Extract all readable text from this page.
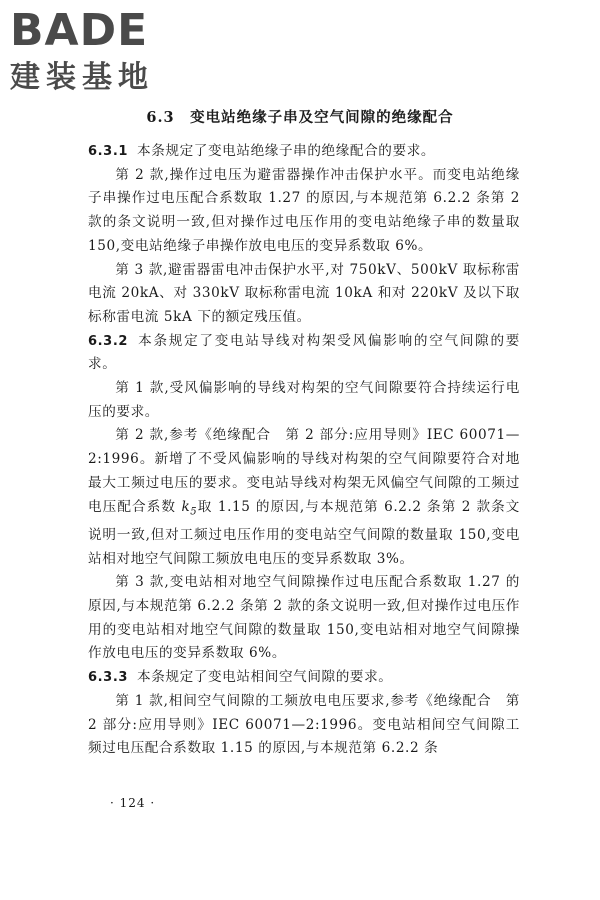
BADE
建装基地
6.3　变电站绝缘子串及空气间隙的绝缘配合

6.3.1 本条规定了变电站绝缘子串的绝缘配合的要求。

第 2 款,操作过电压为避雷器操作冲击保护水平。而变电站绝缘子串操作过电压配合系数取 1.27 的原因,与本规范第 6.2.2 条第 2 款的条文说明一致,但对操作过电压作用的变电站绝缘子串的数量取 150,变电站绝缘子串操作放电电压的变异系数取 6%。

第 3 款,避雷器雷电冲击保护水平,对 750kV、500kV 取标称雷电流 20kA、对 330kV 取标称雷电流 10kA 和对 220kV 及以下取标称雷电流 5kA 下的额定残压值。

6.3.2 本条规定了变电站导线对构架受风偏影响的空气间隙的要求。

第 1 款,受风偏影响的导线对构架的空气间隙要符合持续运行电压的要求。

第 2 款,参考《绝缘配合　第 2 部分:应用导则》IEC 60071—2:1996。新增了不受风偏影响的导线对构架的空气间隙要符合对地最大工频过电压的要求。变电站导线对构架无风偏空气间隙的工频过电压配合系数 $k_5$取 1.15 的原因,与本规范第 6.2.2 条第 2 款条文说明一致,但对工频过电压作用的变电站空气间隙的数量取 150,变电站相对地空气间隙工频放电电压的变异系数取 3%。

第 3 款,变电站相对地空气间隙操作过电压配合系数取 1.27 的原因,与本规范第 6.2.2 条第 2 款的条文说明一致,但对操作过电压作用的变电站相对地空气间隙的数量取 150,变电站相对地空气间隙操作放电电压的变异系数取 6%。

6.3.3 本条规定了变电站相间空气间隙的要求。

第 1 款,相间空气间隙的工频放电电压要求,参考《绝缘配合　第 2 部分:应用导则》IEC 60071—2:1996。变电站相间空气间隙工频过电压配合系数取 1.15 的原因,与本规范第 6.2.2 条

· 124 ·
